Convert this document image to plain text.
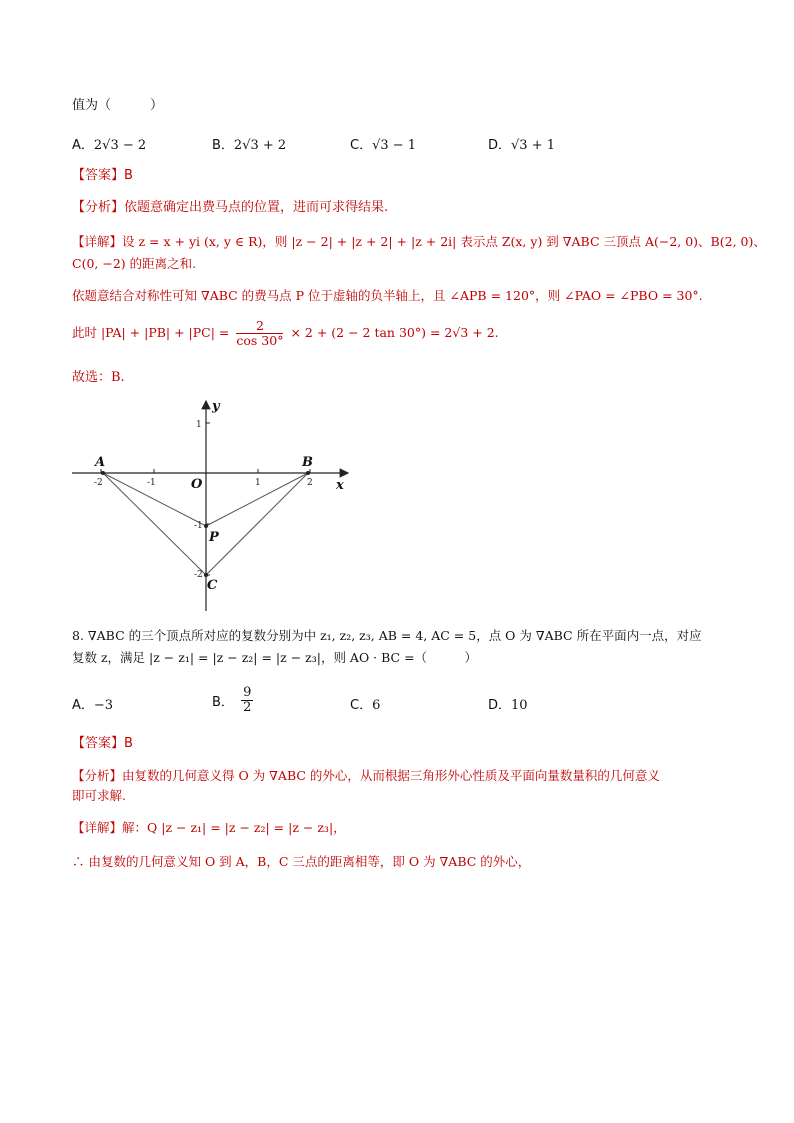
值为（　　　）
A．2√3 − 2	B．2√3 + 2	C．√3 − 1	D．√3 + 1
【答案】B
【分析】依题意确定出费马点的位置，进而可求得结果.
【详解】设 z = x + yi (x, y ∈ R)，则 |z − 2| + |z + 2| + |z + 2i| 表示点 Z(x, y) 到 ∇ABC 三顶点 A(−2, 0)、B(2, 0)、
C(0, −2) 的距离之和.
依题意结合对称性可知 ∇ABC 的费马点 P 位于虚轴的负半轴上，且 ∠APB = 120°，则 ∠PAO = ∠PBO = 30°.
此时 $|PA| + |PB| + |PC| = \frac{2}{\cos 30^\circ} \times 2 + (2 - 2$ tan 30°) = 2√3 + 2.
故选：B.
-2	-1	1	2
1
-1
-2
A	B
O
P
C
x
y
8. ∇ABC 的三个顶点所对应的复数分别为中 z₁, z₂, z₃, AB = 4, AC = 5，点 O 为 ∇ABC 所在平面内一点，对应
复数 z，满足 |z − z₁| = |z − z₂| = |z − z₃|，则 AO · BC =（　　　）
A．−3	B． $\frac{9}{2}$	C．6	D．10
【答案】B
【分析】由复数的几何意义得 O 为 ∇ABC 的外心，从而根据三角形外心性质及平面向量数量积的几何意义
即可求解.
【详解】解：Q |z − z₁| = |z − z₂| = |z − z₃|，
∴ 由复数的几何意义知 O 到 A，B，C 三点的距离相等，即 O 为 ∇ABC 的外心，
